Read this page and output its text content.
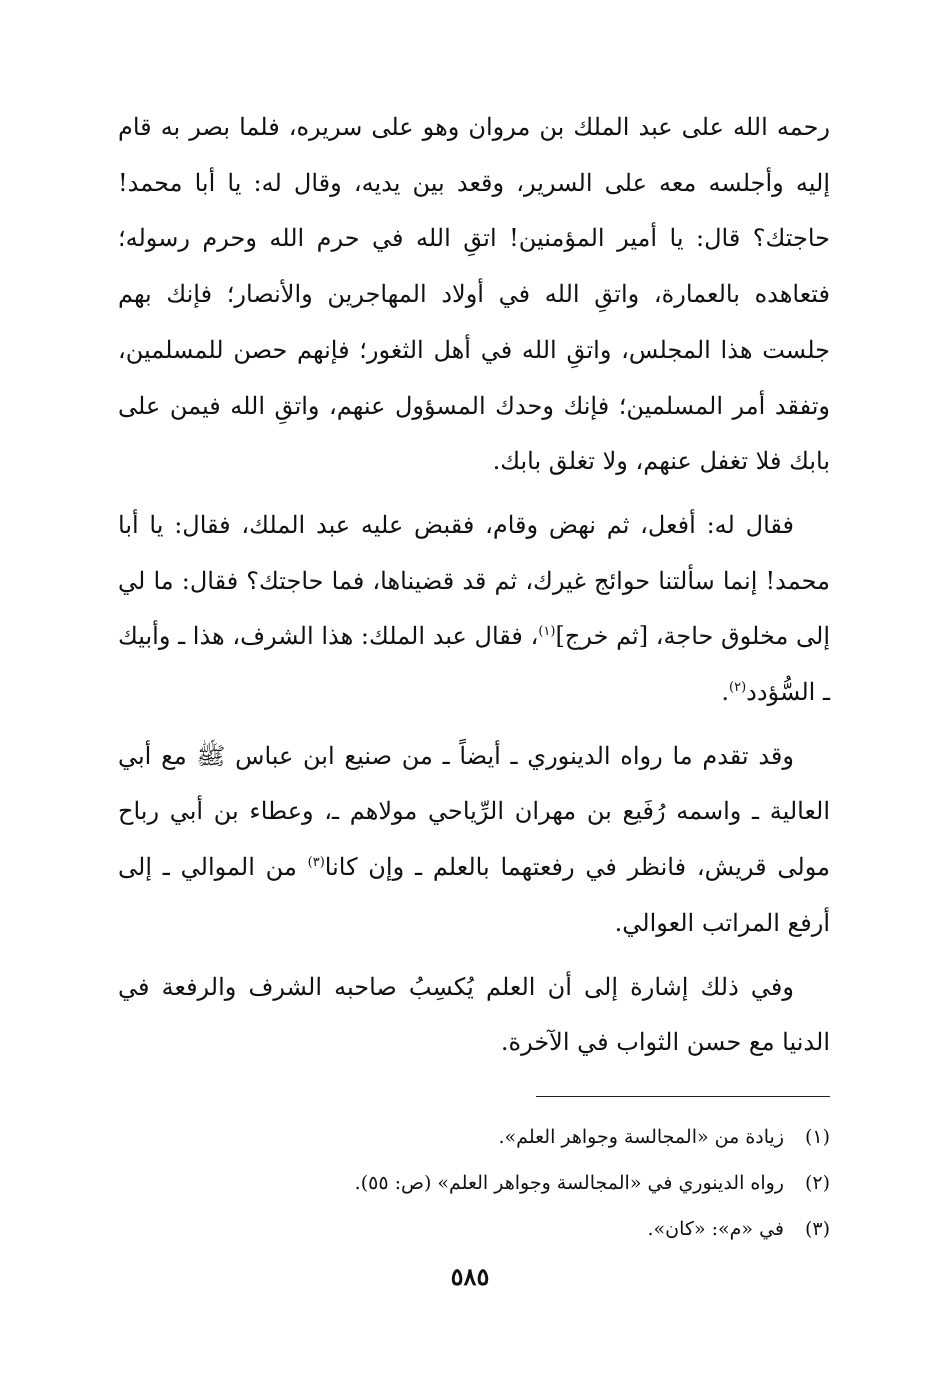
رحمه الله على عبد الملك بن مروان وهو على سريره، فلما بصر به قام إليه وأجلسه معه على السرير، وقعد بين يديه، وقال له: يا أبا محمد! حاجتك؟ قال: يا أمير المؤمنين! اتقِ الله في حرم الله وحرم رسوله؛ فتعاهده بالعمارة، واتقِ الله في أولاد المهاجرين والأنصار؛ فإنك بهم جلست هذا المجلس، واتقِ الله في أهل الثغور؛ فإنهم حصن للمسلمين، وتفقد أمر المسلمين؛ فإنك وحدك المسؤول عنهم، واتقِ الله فيمن على بابك فلا تغفل عنهم، ولا تغلق بابك.

فقال له: أفعل، ثم نهض وقام، فقبض عليه عبد الملك، فقال: يا أبا محمد! إنما سألتنا حوائج غيرك، ثم قد قضيناها، فما حاجتك؟ فقال: ما لي إلى مخلوق حاجة، [ثم خرج]$^{(١)}$، فقال عبد الملك: هذا الشرف، هذا ـ وأبيك ـ السُّؤدد$^{(٢)}$.

وقد تقدم ما رواه الدينوري ـ أيضاً ـ من صنيع ابن عباس ﷺ مع أبي العالية ـ واسمه رُفَيع بن مهران الرِّياحي مولاهم ـ، وعطاء بن أبي رباح مولى قريش، فانظر في رفعتهما بالعلم ـ وإن كانا$^{(٣)}$ من الموالي ـ إلى أرفع المراتب العوالي.

وفي ذلك إشارة إلى أن العلم يُكسِبُ صاحبه الشرف والرفعة في الدنيا مع حسن الثواب في الآخرة.

(١)
زيادة من «المجالسة وجواهر العلم».
(٢)
رواه الدينوري في «المجالسة وجواهر العلم» (ص: ٥٥).
(٣)
في «م»: «كان».
٥٨٥
